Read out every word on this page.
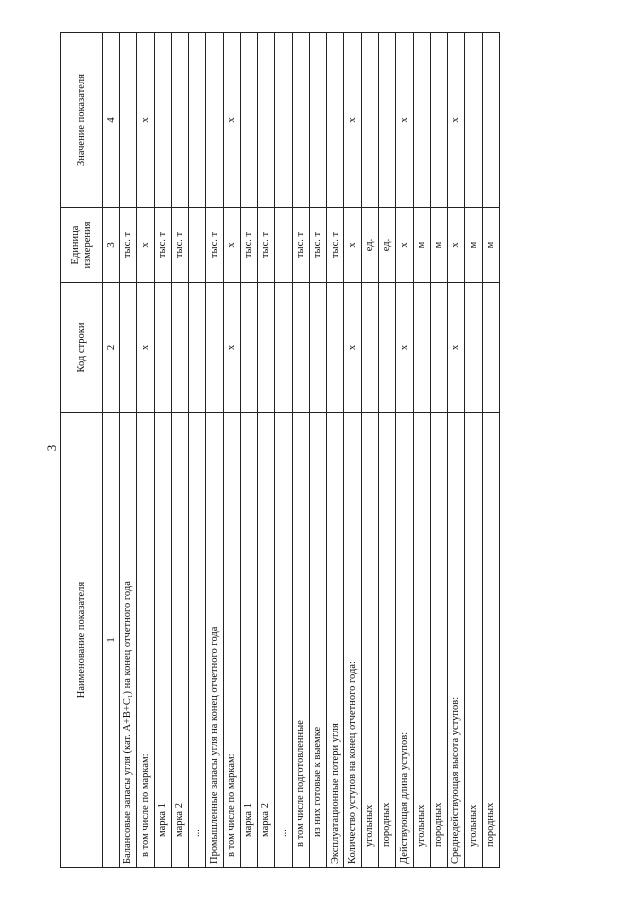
3
Наименование показателя	Код строки	Единица измерения	Значение показателя
1	2	3	4
Балансовые запасы угля (кат. A+B+C₁) на конец отчетного года		тыс. т	
в том числе по маркам:	x	x	x
марка 1		тыс. т	
марка 2		тыс. т	
...			
Промышленные запасы угля на конец отчетного года		тыс. т	
в том числе по маркам:	x	x	x
марка 1		тыс. т	
марка 2		тыс. т	
...			
в том числе подготовленные		тыс. т	
из них готовые к выемке		тыс. т	
Эксплуатационные потери угля		тыс. т	
Количество уступов на конец отчетного года:	x	x	x
угольных		ед.	
породных		ед.	
Действующая длина уступов:	x	x	x
угольных		м	
породных		м	
Среднедействующая высота уступов:	x	x	x
угольных		м	
породных		м	
